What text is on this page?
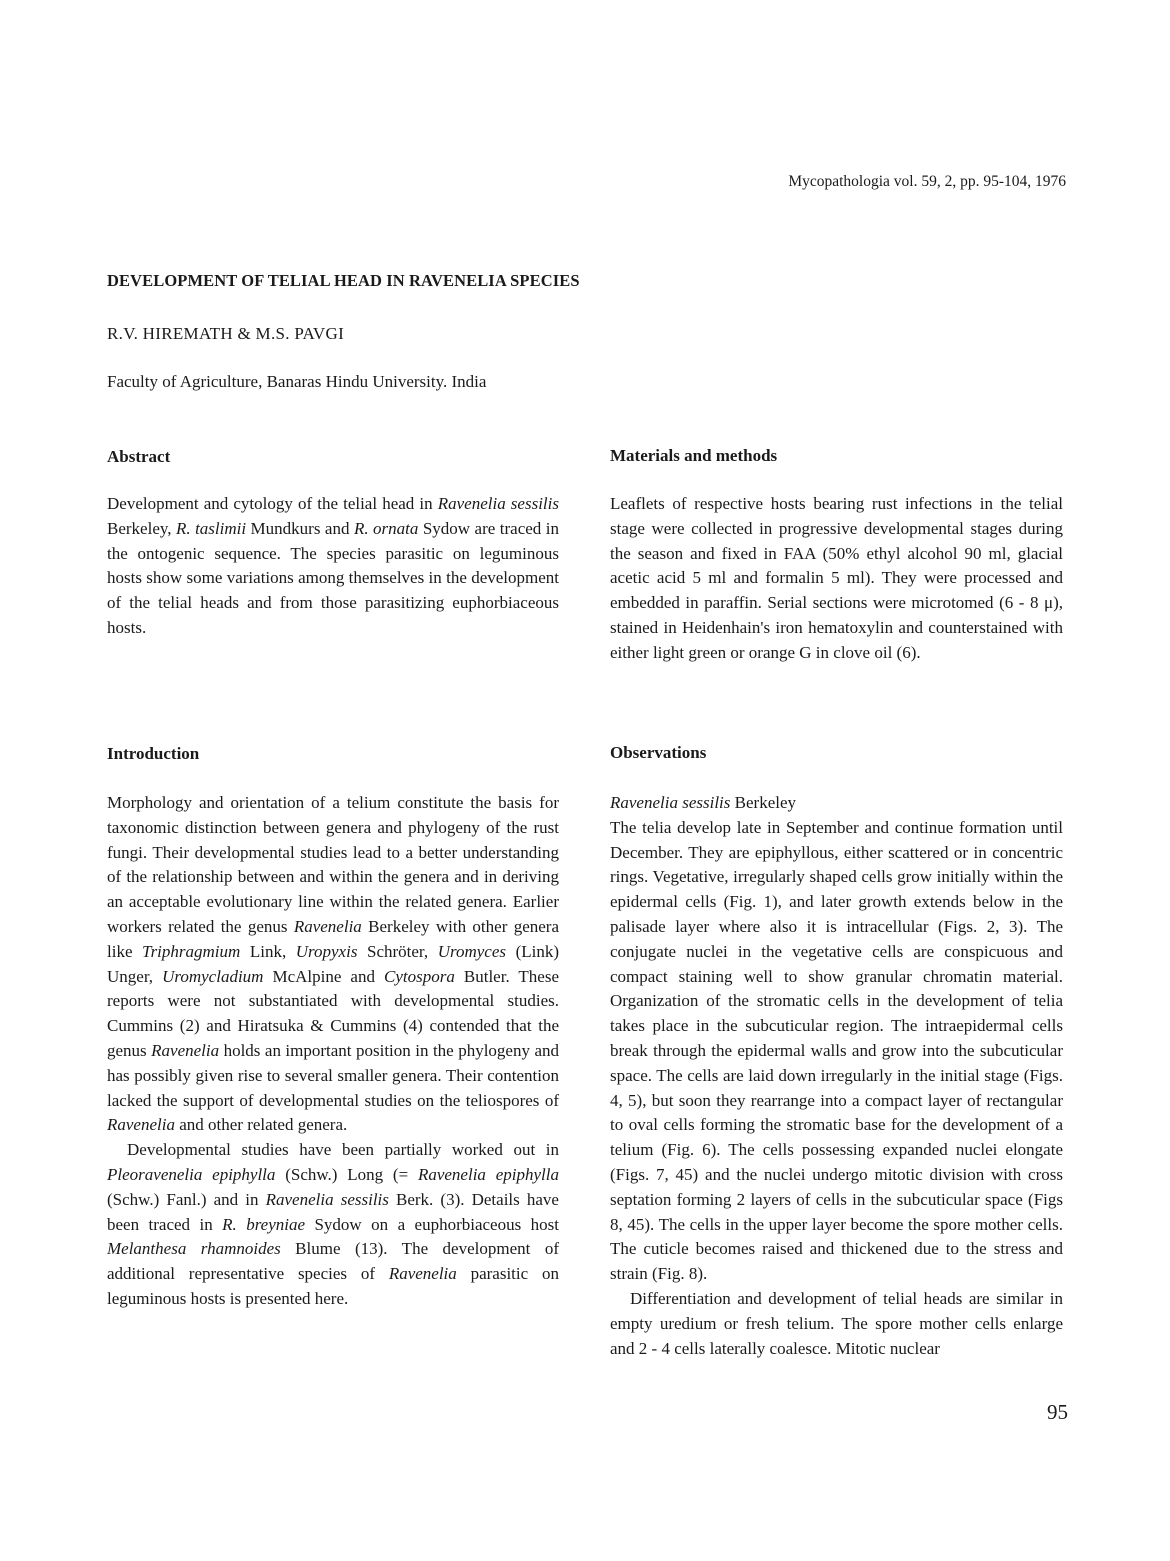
Mycopathologia vol. 59, 2, pp. 95-104, 1976
DEVELOPMENT OF TELIAL HEAD IN RAVENELIA SPECIES
R.V. HIREMATH & M.S. PAVGI
Faculty of Agriculture, Banaras Hindu University. India
Abstract

Development and cytology of the telial head in Ravenelia sessilis Berkeley, R. taslimii Mundkurs and R. ornata Sydow are traced in the ontogenic sequence. The species parasitic on leguminous hosts show some variations among themselves in the development of the telial heads and from those parasitizing euphorbiaceous hosts.

Introduction

Morphology and orientation of a telium constitute the basis for taxonomic distinction between genera and phylogeny of the rust fungi. Their developmental studies lead to a better understanding of the relationship between and within the genera and in deriving an acceptable evolutionary line within the related genera. Earlier workers related the genus Ravenelia Berkeley with other genera like Triphragmium Link, Uropyxis Schröter, Uromyces (Link) Unger, Uromycladium McAlpine and Cytospora Butler. These reports were not substantiated with developmental studies. Cummins (2) and Hiratsuka & Cummins (4) contended that the genus Ravenelia holds an important position in the phylogeny and has possibly given rise to several smaller genera. Their contention lacked the support of developmental studies on the teliospores of Ravenelia and other related genera.

Developmental studies have been partially worked out in Pleoravenelia epiphylla (Schw.) Long (= Ravenelia epiphylla (Schw.) Fanl.) and in Ravenelia sessilis Berk. (3). Details have been traced in R. breyniae Sydow on a euphorbiaceous host Melanthesa rhamnoides Blume (13). The development of additional representative species of Ravenelia parasitic on leguminous hosts is presented here.

Materials and methods

Leaflets of respective hosts bearing rust infections in the telial stage were collected in progressive developmental stages during the season and fixed in FAA (50% ethyl alcohol 90 ml, glacial acetic acid 5 ml and formalin 5 ml). They were processed and embedded in paraffin. Serial sections were microtomed (6 - 8 μ), stained in Heidenhain's iron hematoxylin and counterstained with either light green or orange G in clove oil (6).

Observations

Ravenelia sessilis Berkeley

The telia develop late in September and continue formation until December. They are epiphyllous, either scattered or in concentric rings. Vegetative, irregularly shaped cells grow initially within the epidermal cells (Fig. 1), and later growth extends below in the palisade layer where also it is intracellular (Figs. 2, 3). The conjugate nuclei in the vegetative cells are conspicuous and compact staining well to show granular chromatin material. Organization of the stromatic cells in the development of telia takes place in the subcuticular region. The intraepidermal cells break through the epidermal walls and grow into the subcuticular space. The cells are laid down irregularly in the initial stage (Figs. 4, 5), but soon they rearrange into a compact layer of rectangular to oval cells forming the stromatic base for the development of a telium (Fig. 6). The cells possessing expanded nuclei elongate (Figs. 7, 45) and the nuclei undergo mitotic division with cross septation forming 2 layers of cells in the subcuticular space (Figs 8, 45). The cells in the upper layer become the spore mother cells. The cuticle becomes raised and thickened due to the stress and strain (Fig. 8).

Differentiation and development of telial heads are similar in empty uredium or fresh telium. The spore mother cells enlarge and 2 - 4 cells laterally coalesce. Mitotic nuclear

95
